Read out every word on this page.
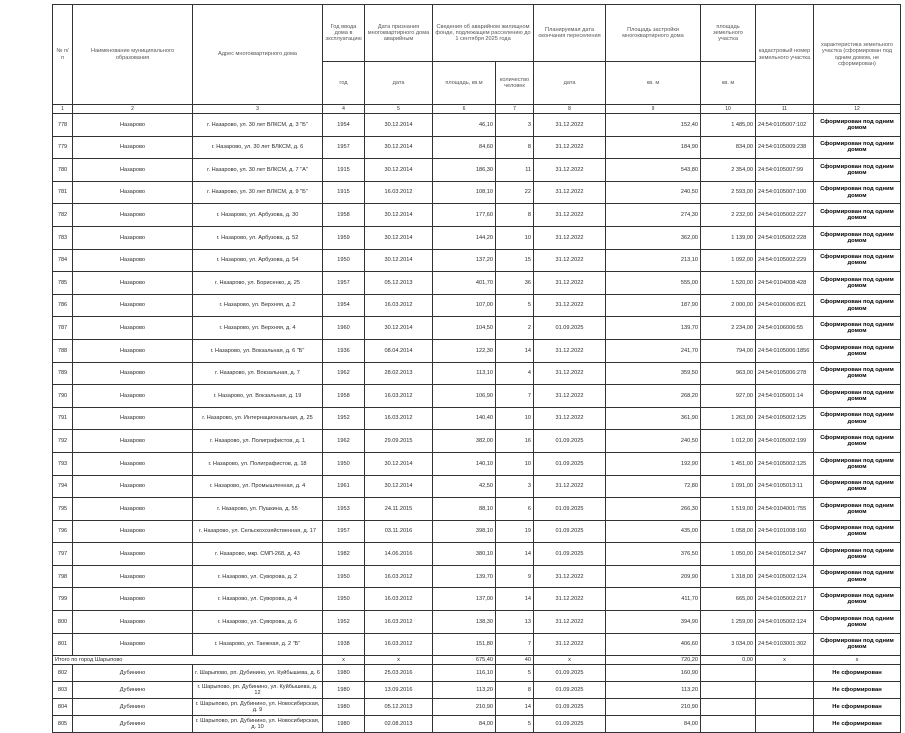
№ п/п	Наименование муниципального образования	Адрес многоквартирного дома	Год ввода дома в эксплуатацию	Дата признания многоквартирного дома аварийным	Сведения об аварийном жилищном фонде, подлежащем расселению до 1 сентября 2025 года		Планируемая дата окончания переселения	Площадь застройки многоквартирного дома	площадь земельного участка	кадастровый номер земельного участка	характеристика земельного участка (сформирован под одним домом, не сформирован)
			год	дата	площадь, кв.м	количество человек	дата	кв. м	кв. м		
1	2	3	4	5	6	7	8	9	10	11	12
778	Назарово	г. Назарово, ул. 30 лет ВЛКСМ, д. 3 "Б"	1954	30.12.2014	46,10	3	31.12.2022	152,40	1 485,00	24:54:0105007:102	Сформирован под одним домом
779	Назарово	г. Назарово, ул. 30 лет ВЛКСМ, д. 6	1957	30.12.2014	84,60	8	31.12.2022	184,90	834,00	24:54:0105009:238	Сформирован под одним домом
780	Назарово	г. Назарово, ул. 30 лет ВЛКСМ, д. 7 "А"	1915	30.12.2014	186,30	11	31.12.2022	543,80	2 354,00	24:54:0105007:99	Сформирован под одним домом
781	Назарово	г. Назарово, ул. 30 лет ВЛКСМ, д. 9 "Б"	1915	16.03.2012	108,10	22	31.12.2022	240,50	2 593,00	24:54:0105007:100	Сформирован под одним домом
782	Назарово	г. Назарово, ул. Арбузова, д. 30	1958	30.12.2014	177,60	8	31.12.2022	274,30	2 232,00	24:54:0105002:227	Сформирован под одним домом
783	Назарово	г. Назарово, ул. Арбузова, д. 52	1959	30.12.2014	144,20	10	31.12.2022	362,00	1 139,00	24:54:0105002:228	Сформирован под одним домом
784	Назарово	г. Назарово, ул. Арбузова, д. 54	1950	30.12.2014	137,20	15	31.12.2022	213,10	1 092,00	24:54:0105002:229	Сформирован под одним домом
785	Назарово	г. Назарово, ул. Борисенко, д. 25	1957	05.12.2013	401,70	36	31.12.2022	555,00	1 520,00	24:54:0104008:428	Сформирован под одним домом
786	Назарово	г. Назарово, ул. Верхняя, д. 2	1954	16.03.2012	107,00	5	31.12.2022	187,90	2 000,00	24:54:0106006:821	Сформирован под одним домом
787	Назарово	г. Назарово, ул. Верхняя, д. 4	1960	30.12.2014	104,50	2	01.09.2025	139,70	2 234,00	24:54:0106006:55	Сформирован под одним домом
788	Назарово	г. Назарово, ул. Вокзальная, д. 6 "Б"	1936	08.04.2014	122,30	14	31.12.2022	241,70	794,00	24:54:0105006:1856	Сформирован под одним домом
789	Назарово	г. Назарово, ул. Вокзальная, д. 7	1962	28.02.2013	113,10	4	31.12.2022	359,50	963,00	24:54:0105006:278	Сформирован под одним домом
790	Назарово	г. Назарово, ул. Вокзальная, д. 19	1958	16.03.2012	106,90	7	31.12.2022	268,20	927,00	24:54:0105001:14	Сформирован под одним домом
791	Назарово	г. Назарово, ул. Интернациональная, д. 25	1952	16.03.2012	140,40	10	31.12.2022	361,90	1 263,00	24:54:0105002:125	Сформирован под одним домом
792	Назарово	г. Назарово, ул. Полиграфистов, д. 1	1962	29.09.2015	382,00	16	01.09.2025	240,50	1 012,00	24:54:0105002:199	Сформирован под одним домом
793	Назарово	г. Назарово, ул. Полиграфистов, д. 18	1950	30.12.2014	140,10	10	01.09.2025	192,90	1 451,00	24:54:0105002:125	Сформирован под одним домом
794	Назарово	г. Назарово, ул. Промышленная, д. 4	1961	30.12.2014	42,50	3	31.12.2022	72,80	1 091,00	24:54:0105013:11	Сформирован под одним домом
795	Назарово	г. Назарово, ул. Пушкина, д. 55	1953	24.11.2015	88,10	6	01.09.2025	266,30	1 519,00	24:54:0104001:755	Сформирован под одним домом
796	Назарово	г. Назарово, ул. Сельскохозяйственная, д. 17	1957	03.11.2016	398,10	19	01.09.2025	435,00	1 058,00	24:54:0101008:160	Сформирован под одним домом
797	Назарово	г. Назарово, мкр. СМП-268, д. 43	1982	14.06.2016	380,10	14	01.09.2025	376,50	1 050,00	24:54:0105012:347	Сформирован под одним домом
798	Назарово	г. Назарово, ул. Суворова, д. 2	1950	16.03.2012	139,70	9	31.12.2022	209,90	1 318,00	24:54:0105002:124	Сформирован под одним домом
799	Назарово	г. Назарово, ул. Суворова, д. 4	1950	16.03.2012	137,00	14	31.12.2022	411,70	665,00	24:54:0105002:217	Сформирован под одним домом
800	Назарово	г. Назарово, ул. Суворова, д. 6	1952	16.03.2012	138,30	13	31.12.2022	394,90	1 259,00	24:54:0105002:124	Сформирован под одним домом
801	Назарово	г. Назарово, ул. Таежная, д. 2 "Б"	1938	16.03.2012	151,80	7	31.12.2022	406,60	3 034,00	24:54:0103001:302	Сформирован под одним домом
Итого по город Шарыпово			x	x	675,40	40	x	720,20	0,00	x	x
802	Дубинино	г. Шарыпово, рп. Дубинино, ул. Куйбышева, д. 6	1980	25.03.2016	116,10	5	01.09.2025	160,90			Не сформирован
803	Дубинино	г. Шарыпово, рп. Дубинино, ул. Куйбышева, д. 12	1980	13.09.2016	113,20	8	01.09.2025	113,20			Не сформирован
804	Дубинино	г. Шарыпово, рп. Дубинино, ул. Новосибирская, д. 9	1980	05.12.2013	210,90	14	01.09.2025	210,90			Не сформирован
805	Дубинино	г. Шарыпово, рп. Дубинино, ул. Новосибирская, д. 10	1980	02.08.2013	84,00	5	01.09.2025	84,00			Не сформирован
